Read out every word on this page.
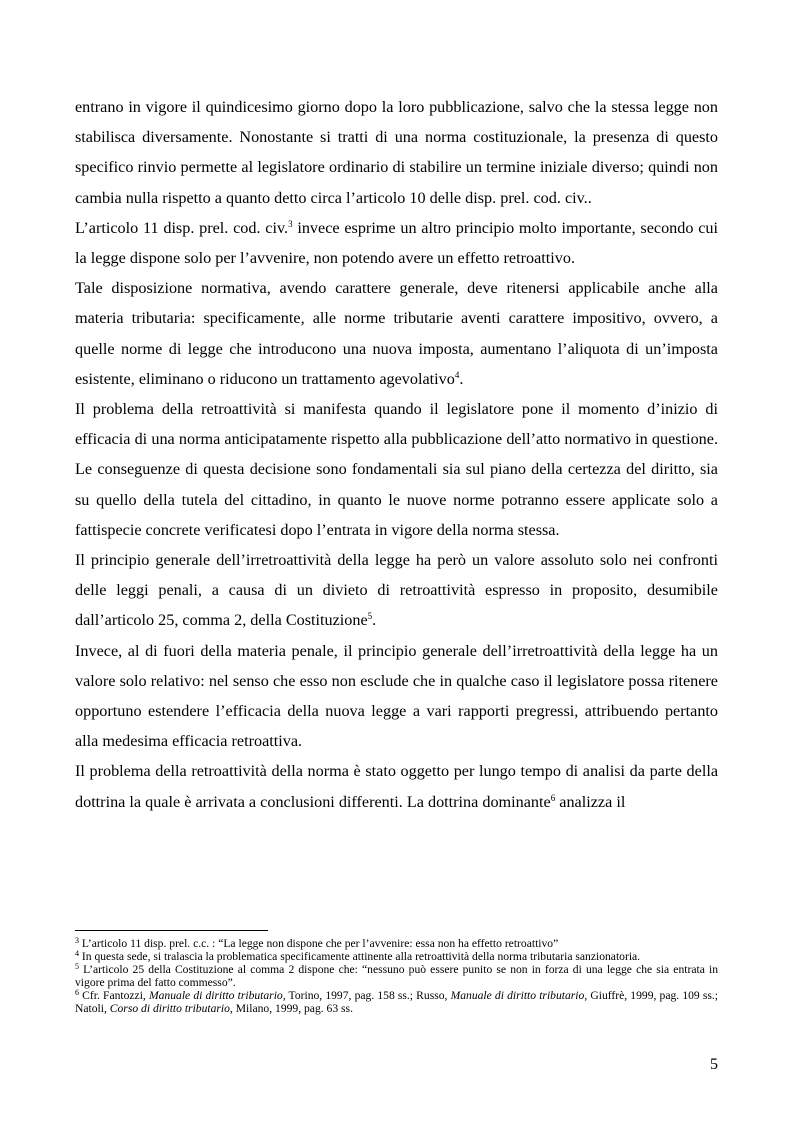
entrano in vigore il quindicesimo giorno dopo la loro pubblicazione, salvo che la stessa legge non stabilisca diversamente. Nonostante si tratti di una norma costituzionale, la presenza di questo specifico rinvio permette al legislatore ordinario di stabilire un termine iniziale diverso; quindi non cambia nulla rispetto a quanto detto circa l’articolo 10 delle disp. prel. cod. civ..

L’articolo 11 disp. prel. cod. civ.$^3$ invece esprime un altro principio molto importante, secondo cui la legge dispone solo per l’avvenire, non potendo avere un effetto retroattivo.

Tale disposizione normativa, avendo carattere generale, deve ritenersi applicabile anche alla materia tributaria: specificamente, alle norme tributarie aventi carattere impositivo, ovvero, a quelle norme di legge che introducono una nuova imposta, aumentano l’aliquota di un’imposta esistente, eliminano o riducono un trattamento agevolativo$^4$.

Il problema della retroattività si manifesta quando il legislatore pone il momento d’inizio di efficacia di una norma anticipatamente rispetto alla pubblicazione dell’atto normativo in questione. Le conseguenze di questa decisione sono fondamentali sia sul piano della certezza del diritto, sia su quello della tutela del cittadino, in quanto le nuove norme potranno essere applicate solo a fattispecie concrete verificatesi dopo l’entrata in vigore della norma stessa.

Il principio generale dell’irretroattività della legge ha però un valore assoluto solo nei confronti delle leggi penali, a causa di un divieto di retroattività espresso in proposito, desumibile dall’articolo 25, comma 2, della Costituzione$^5$.

Invece, al di fuori della materia penale, il principio generale dell’irretroattività della legge ha un valore solo relativo: nel senso che esso non esclude che in qualche caso il legislatore possa ritenere opportuno estendere l’efficacia della nuova legge a vari rapporti pregressi, attribuendo pertanto alla medesima efficacia retroattiva.

Il problema della retroattività della norma è stato oggetto per lungo tempo di analisi da parte della dottrina la quale è arrivata a conclusioni differenti. La dottrina dominante$^6$ analizza il

$^3$ L’articolo 11 disp. prel. c.c. : “La legge non dispone che per l’avvenire: essa non ha effetto retroattivo”

$^4$ In questa sede, si tralascia la problematica specificamente attinente alla retroattività della norma tributaria sanzionatoria.

$^5$ L’articolo 25 della Costituzione al comma 2 dispone che: “nessuno può essere punito se non in forza di una legge che sia entrata in vigore prima del fatto commesso”.

$^6$ Cfr. Fantozzi, Manuale di diritto tributario, Torino, 1997, pag. 158 ss.; Russo, Manuale di diritto tributario, Giuffrè, 1999, pag. 109 ss.; Natoli, Corso di diritto tributario, Milano, 1999, pag. 63 ss.

5
